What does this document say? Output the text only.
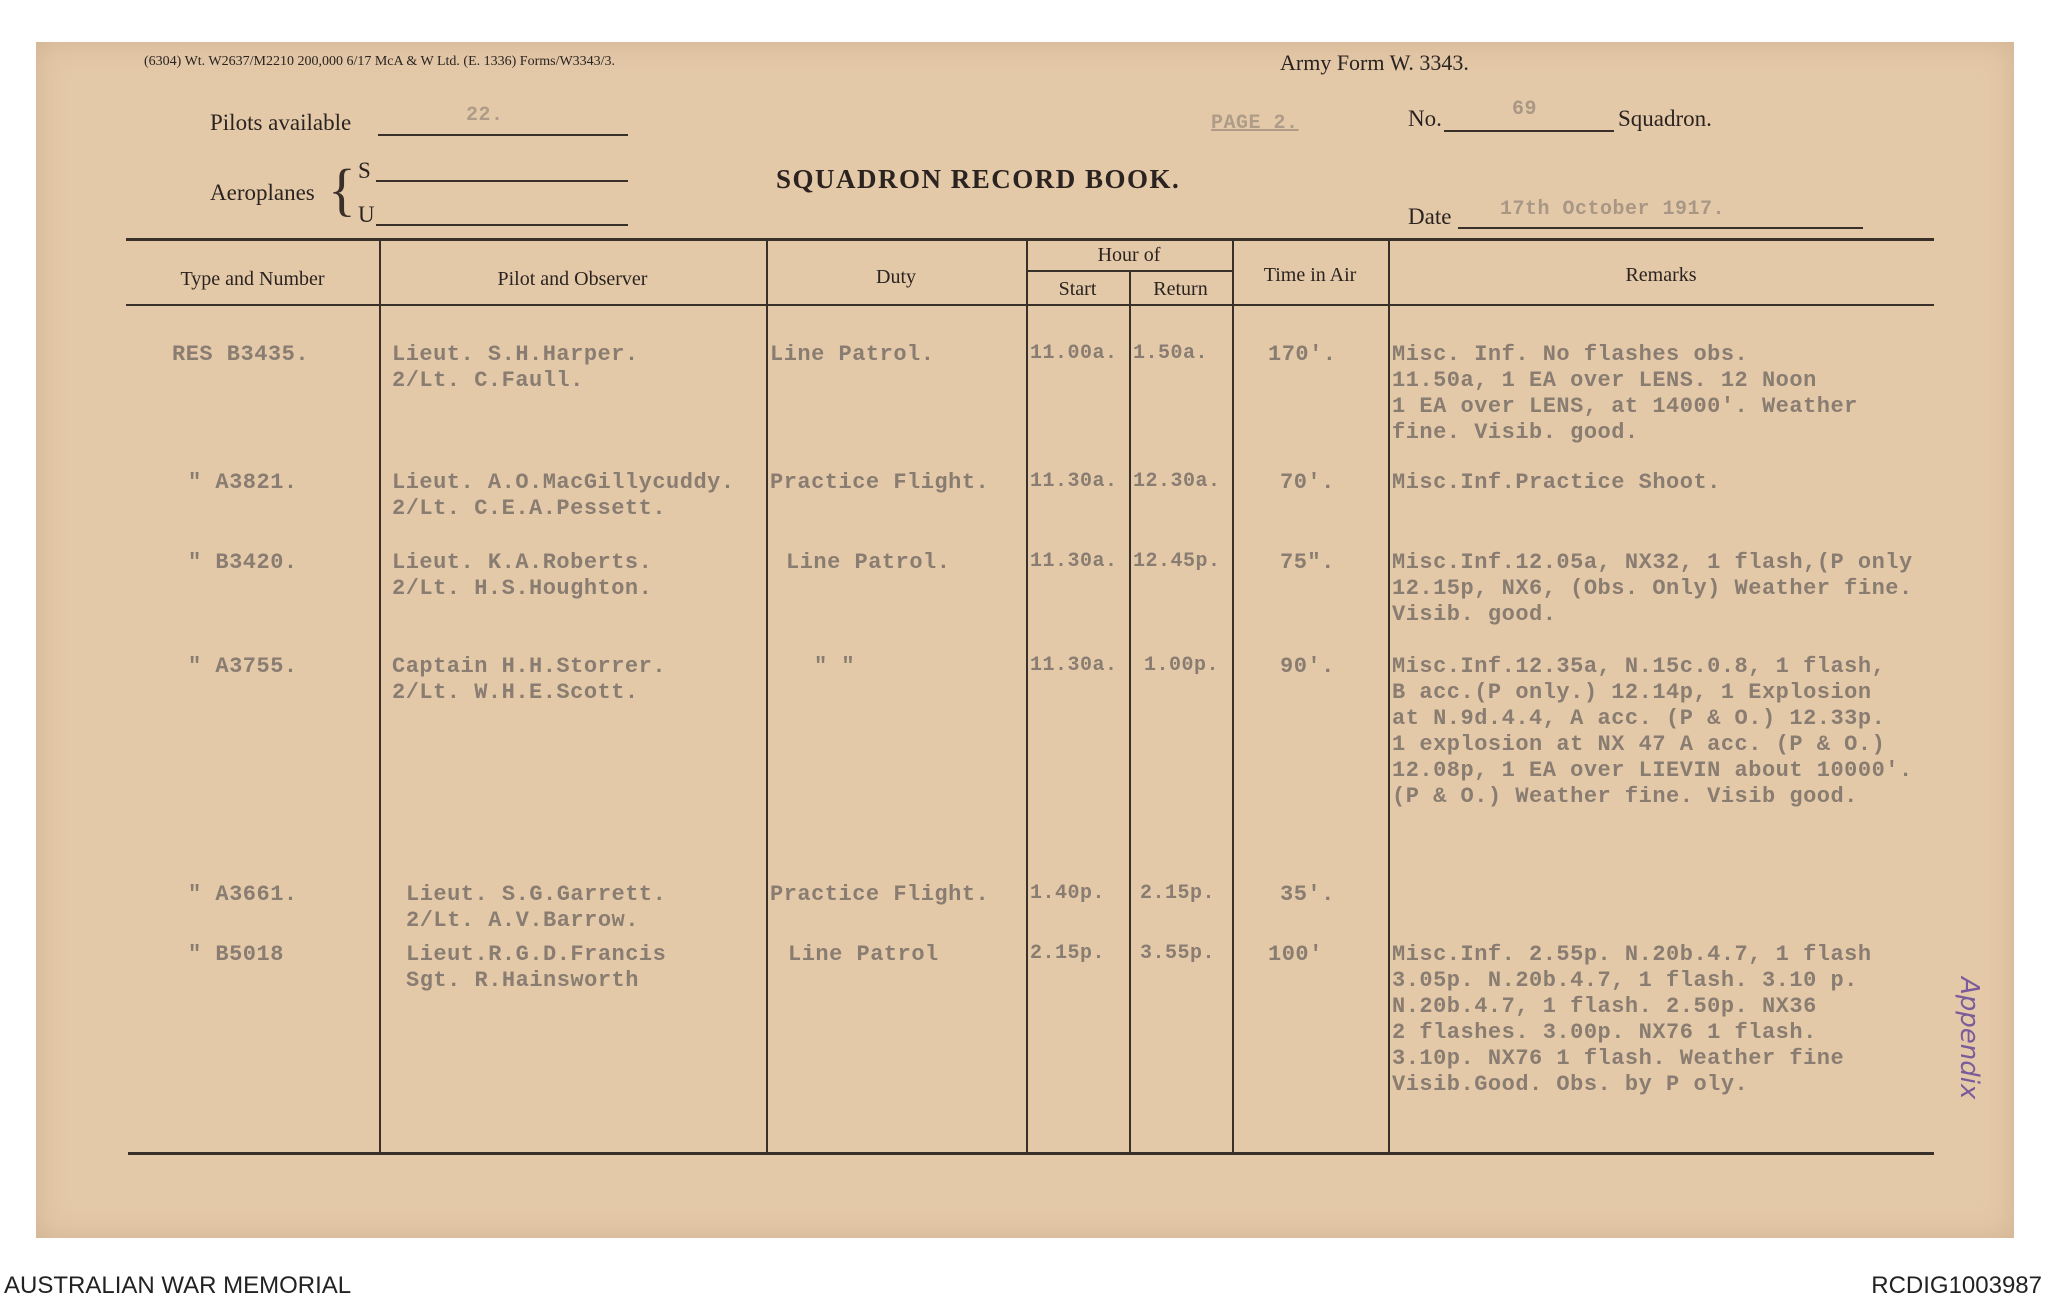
(6304) Wt. W2637/M2210 200,000 6/17 McA & W Ltd. (E. 1336) Forms/W3343/3.	Army Form W. 3343.
Pilots available	22.	PAGE 2.	No.	69	Squadron.
Aeroplanes { S
U
SQUADRON RECORD BOOK.
Date 17th October 1917.
Type and Number	Pilot and Observer	Duty
Hour of
Start	Return
Time in Air	Remarks
RES B3435.	Lieut. S.H.Harper.
2/Lt. C.Faull.
Line Patrol.	11.00a. 1.50a.	170'.	Misc. Inf. No flashes obs.
11.50a, 1 EA over LENS. 12 Noon
1 EA over LENS, at 14000'. Weather
fine. Visib. good.
" A3821.	Lieut. A.O.MacGillycuddy.
2/Lt. C.E.A.Pessett.
Practice Flight. 11.30a. 12.30a.	70'.	Misc.Inf.Practice Shoot.
" B3420.	Lieut. K.A.Roberts.
2/Lt. H.S.Houghton.
Line Patrol.	11.30a. 12.45p.	75".	Misc.Inf.12.05a, NX32, 1 flash,(P only
12.15p, NX6, (Obs. Only) Weather fine.
Visib. good.
" A3755.	Captain H.H.Storrer.
2/Lt. W.H.E.Scott.
" "	11.30a. 1.00p.	90'.	Misc.Inf.12.35a, N.15c.0.8, 1 flash,
B acc.(P only.) 12.14p, 1 Explosion
at N.9d.4.4, A acc. (P & O.) 12.33p.
1 explosion at NX 47 A acc. (P & O.)
12.08p, 1 EA over LIEVIN about 10000'.
(P & O.) Weather fine. Visib good.
" A3661.	Lieut. S.G.Garrett.
2/Lt. A.V.Barrow.
Practice Flight. 1.40p. 2.15p.	35'.
" B5018	Lieut.R.G.D.Francis
Sgt. R.Hainsworth
Line Patrol	2.15p. 3.55p. 100'	Misc.Inf. 2.55p. N.20b.4.7, 1 flash
3.05p. N.20b.4.7, 1 flash. 3.10 p.
N.20b.4.7, 1 flash. 2.50p. NX36
2 flashes. 3.00p. NX76 1 flash.
3.10p. NX76 1 flash. Weather fine
Visib.Good. Obs. by P oly.	Appendix
AUSTRALIAN WAR MEMORIAL	RCDIG1003987
